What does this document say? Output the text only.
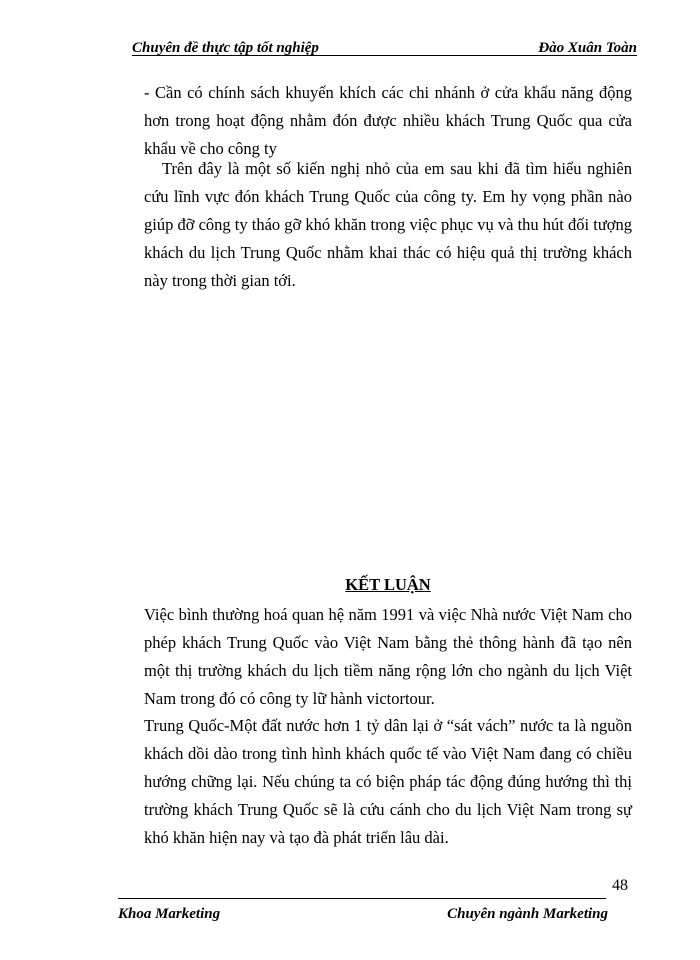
Chuyên đề thực tập tốt nghiệp	Đào Xuân Toàn

- Cần có chính sách khuyến khích các chi nhánh ở cửa khẩu năng động hơn trong hoạt động nhằm đón được nhiều khách Trung Quốc qua cửa khẩu về cho công ty

Trên đây là một số kiến nghị nhỏ của em sau khi đã tìm hiểu nghiên cứu lĩnh vực đón khách Trung Quốc của công ty. Em hy vọng phần nào giúp đỡ công ty tháo gỡ khó khăn trong việc phục vụ và thu hút đối tượng khách du lịch Trung Quốc nhằm khai thác có hiệu quả thị trường khách này trong thời gian tới.

KẾT LUẬN

Việc bình thường hoá quan hệ năm 1991 và việc Nhà nước Việt Nam cho phép khách Trung Quốc vào Việt Nam bằng thẻ thông hành đã tạo nên một thị trường khách du lịch tiềm năng rộng lớn cho ngành du lịch Việt Nam trong đó có công ty lữ hành victortour.

Trung Quốc-Một đất nước hơn 1 tỷ dân lại ở “sát vách” nước ta là nguồn khách dồi dào trong tình hình khách quốc tế vào Việt Nam đang có chiều hướng chững lại. Nếu chúng ta có biện pháp tác động đúng hướng thì thị trường khách Trung Quốc sẽ là cứu cánh cho du lịch Việt Nam trong sự khó khăn hiện nay và tạo đà phát triển lâu dài.

48
Khoa Marketing	Chuyên ngành Marketing
